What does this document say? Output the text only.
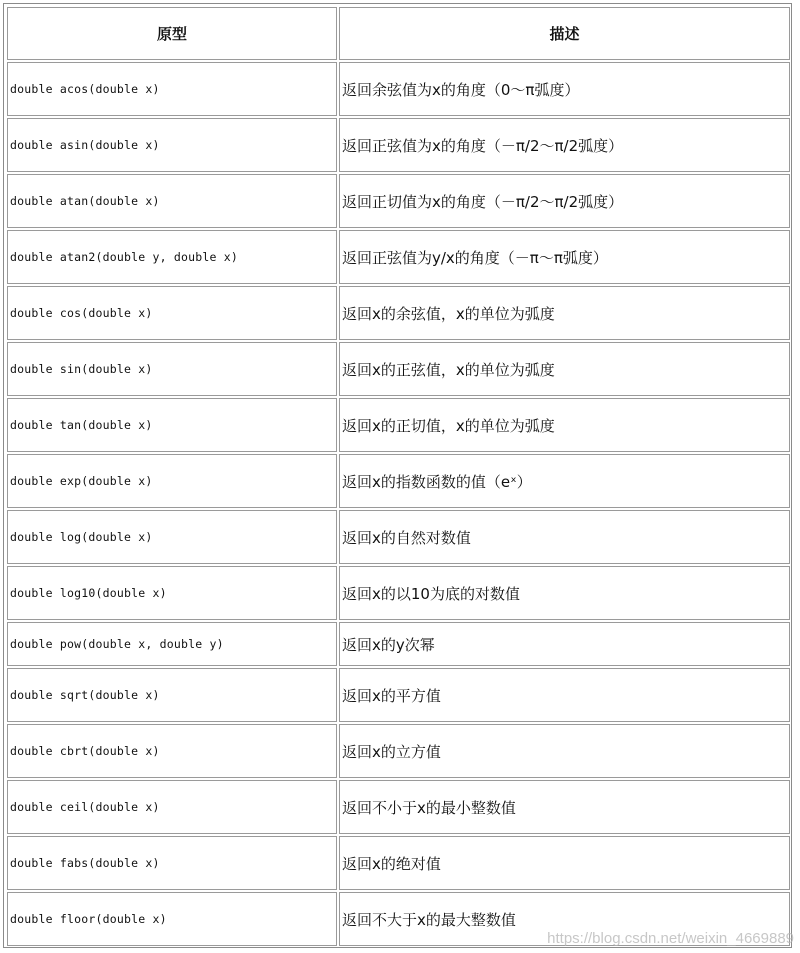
原型	描述
double acos(double x)	返回余弦值为x的角度（0～π弧度）
double asin(double x)	返回正弦值为x的角度（－π/2～π/2弧度）
double atan(double x)	返回正切值为x的角度（－π/2～π/2弧度）
double atan2(double y, double x)	返回正弦值为y/x的角度（－π～π弧度）
double cos(double x)	返回x的余弦值，x的单位为弧度
double sin(double x)	返回x的正弦值，x的单位为弧度
double tan(double x)	返回x的正切值，x的单位为弧度
double exp(double x)	返回x的指数函数的值（eˣ）
double log(double x)	返回x的自然对数值
double log10(double x)	返回x的以10为底的对数值
double pow(double x, double y)	返回x的y次幂
double sqrt(double x)	返回x的平方值
double cbrt(double x)	返回x的立方值
double ceil(double x)	返回不小于x的最小整数值
double fabs(double x)	返回x的绝对值
double floor(double x)	返回不大于x的最大整数值
https://blog.csdn.net/weixin_4669889
